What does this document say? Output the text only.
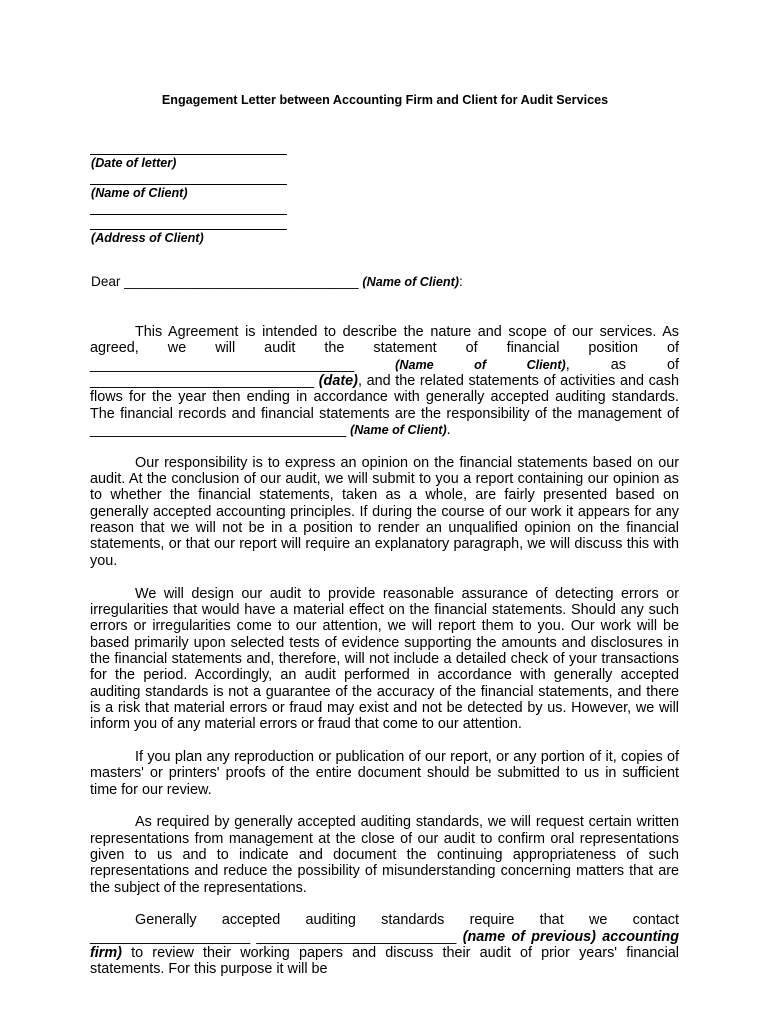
Engagement Letter between Accounting Firm and Client for Audit Services
(Date of letter)
(Name of Client)
(Address of Client)
Dear _______________________________ (Name of Client):

This Agreement is intended to describe the nature and scope of our services. As agreed, we will audit the statement of financial position of _________________________________	(Name of Client), as of ____________________________ (date), and the related statements of activities and cash flows for the year then ending in accordance with generally accepted auditing standards. The financial records and financial statements are the responsibility of the management of ________________________________ (Name of Client).

Our responsibility is to express an opinion on the financial statements based on our audit. At the conclusion of our audit, we will submit to you a report containing our opinion as to whether the financial statements, taken as a whole, are fairly presented based on generally accepted accounting principles. If during the course of our work it appears for any reason that we will not be in a position to render an unqualified opinion on the financial statements, or that our report will require an explanatory paragraph, we will discuss this with you.

We will design our audit to provide reasonable assurance of detecting errors or irregularities that would have a material effect on the financial statements. Should any such errors or irregularities come to our attention, we will report them to you. Our work will be based primarily upon selected tests of evidence supporting the amounts and disclosures in the financial statements and, therefore, will not include a detailed check of your transactions for the period. Accordingly, an audit performed in accordance with generally accepted auditing standards is not a guarantee of the accuracy of the financial statements, and there is a risk that material errors or fraud may exist and not be detected by us. However, we will inform you of any material errors or fraud that come to our attention.

If you plan any reproduction or publication of our report, or any portion of it, copies of masters' or printers' proofs of the entire document should be submitted to us in sufficient time for our review.

As required by generally accepted auditing standards, we will request certain written representations from management at the close of our audit to confirm oral representations given to us and to indicate and document the continuing appropriateness of such representations and reduce the possibility of misunderstanding concerning matters that are the subject of the representations.

Generally accepted auditing standards require that we contact ____________________ _________________________ (name of previous) accounting firm) to review their working papers and discuss their audit of prior years' financial statements. For this purpose it will be
